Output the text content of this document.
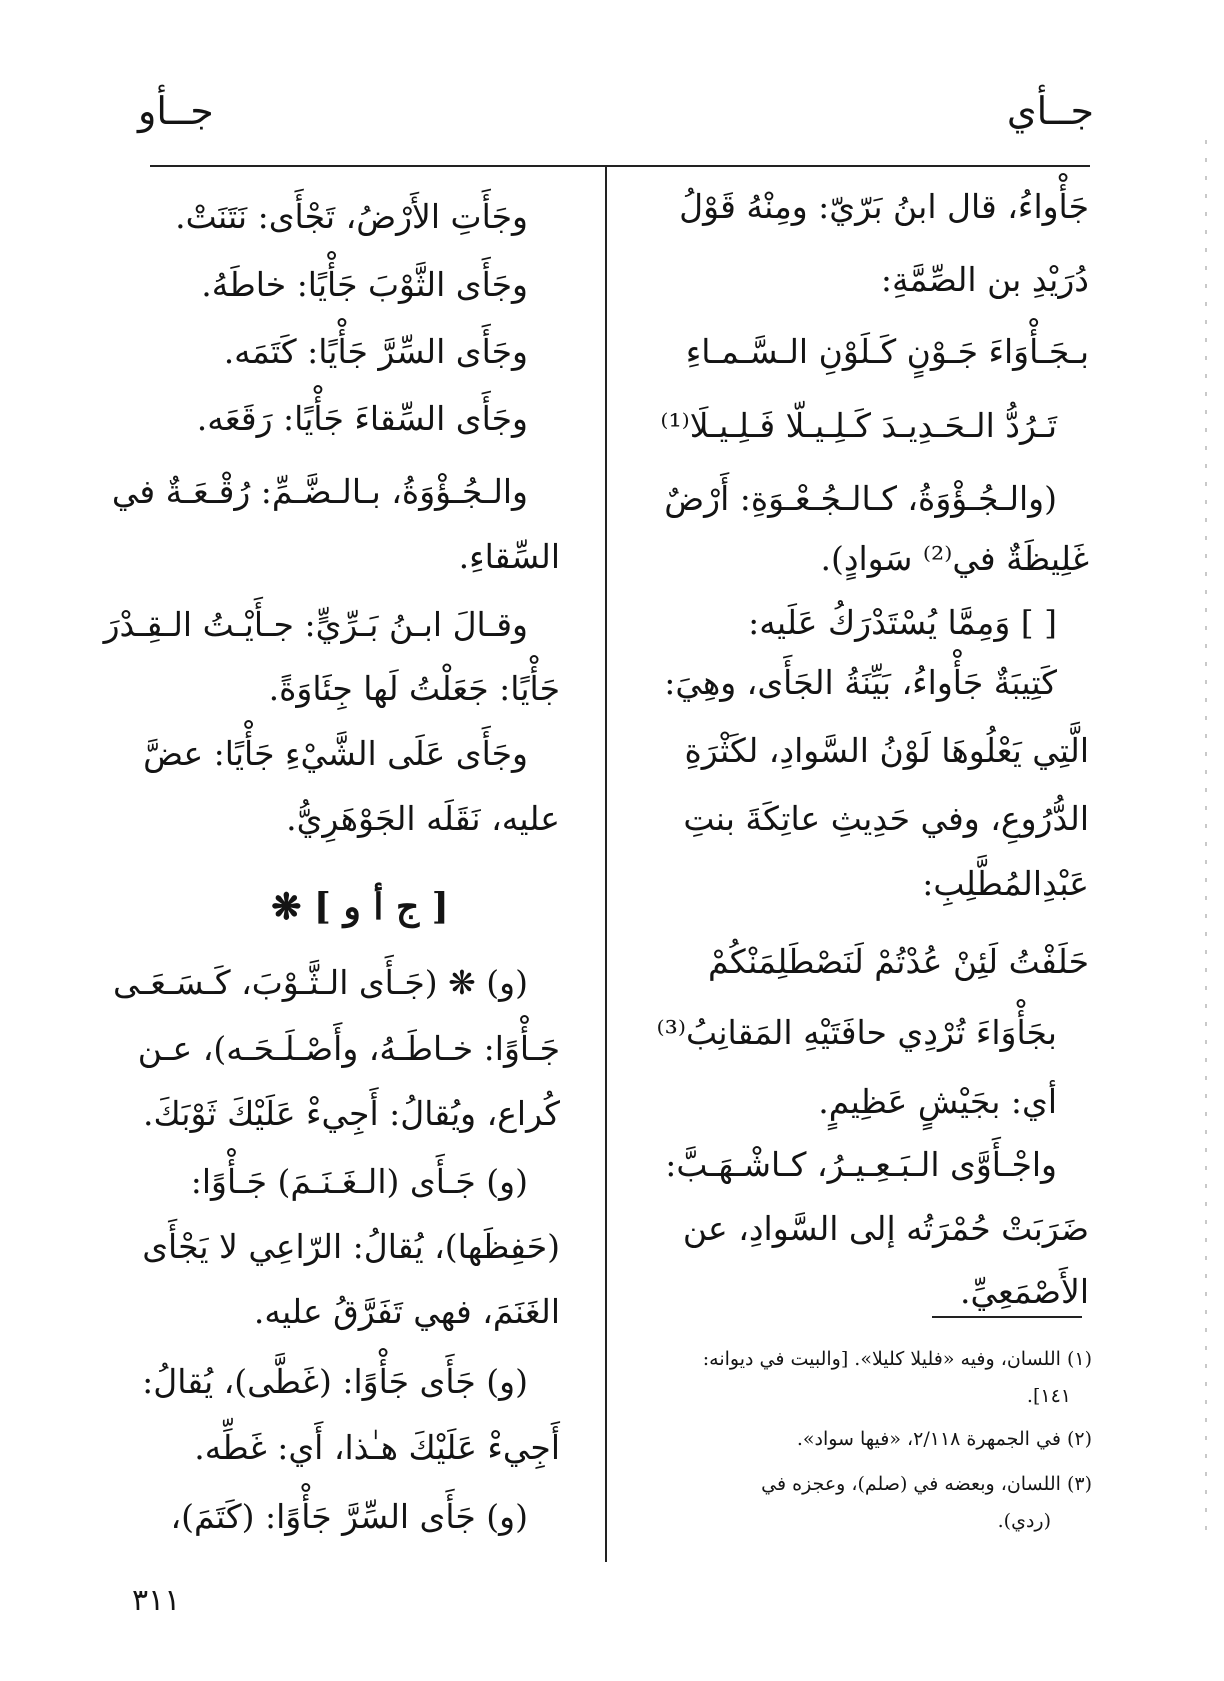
جــأي
جــأو
جَأْواءُ، قال ابنُ بَرّيّ: ومِنْهُ قَوْلُ
دُرَيْدِ بن الصِّمَّةِ:
بـجَـأْوَاءَ جَـوْنٍ كَـلَوْنِ الـسَّـمـاءِ
تَـرُدُّ الـحَـدِيـدَ كَـلِـيـلّا فَـلِـيـلَا⁽¹⁾
(والـجُـؤْوَةُ، كـالـجُـعْـوَةِ: أَرْضٌ
غَلِيظَةٌ في⁽²⁾ سَوادٍ).
[ ] وَمِمَّا يُسْتَدْرَكُ عَلَيه:
كَتِيبَةٌ جَأْواءُ، بَيِّنَةُ الجَأَى، وهِيَ:
الَّتِي يَعْلُوهَا لَوْنُ السَّوادِ، لكَثْرَةِ
الدُّرُوعِ، وفي حَدِيثِ عاتِكَةَ بنتِ
عَبْدِالمُطَّلِبِ:
حَلَفْتُ لَئِنْ عُدْتُمْ لَنَصْطَلِمَنْكُمْ
بجَأْوَاءَ تُرْدِي حافَتَيْهِ المَقانِبُ⁽³⁾
أي: بجَيْشٍ عَظِيمٍ.
واجْـأَوَّى الـبَـعِـيـرُ، كـاشْـهَـبَّ:
ضَرَبَتْ حُمْرَتُه إلى السَّوادِ، عن
الأَصْمَعِيِّ.
(١) اللسان، وفيه «فليلا كليلا». [والبيت في ديوانه:
١٤١].
(٢) في الجمهرة ٢/١١٨، «فيها سواد».
(٣) اللسان، وبعضه في (صلم)، وعجزه في
(ردي).
وجَأَتِ الأَرْضُ، تَجْأَى: نَتَنَتْ.
وجَأَى الثَّوْبَ جَأْيًا: خاطَهُ.
وجَأَى السِّرَّ جَأْيًا: كَتَمَه.
وجَأَى السِّقاءَ جَأْيًا: رَقَعَه.
والـجُـؤْوَةُ، بـالـضَّـمِّ: رُقْـعَـةٌ في
السِّقاءِ.
وقـالَ ابـنُ بَـرِّيٍّ: جـأَيْـتُ الـقِـدْرَ
جَأْيًا: جَعَلْتُ لَها جِئَاوَةً.
وجَأَى عَلَى الشَّيْءِ جَأْيًا: عضَّ
عليه، نَقَلَه الجَوْهَرِيُّ.
[ ج أ و ] ❋
(و) ❋ (جَـأَى الـثَّـوْبَ، كَـسَـعَـى
جَـأْوًا: خـاطَـهُ، وأَصْـلَـحَـه)، عـن
كُراع، ويُقالُ: أَجِيءْ عَلَيْكَ ثَوْبَكَ.
(و) جَـأَى (الـغَـنَـمَ) جَـأْوًا:
(حَفِظَها)، يُقالُ: الرّاعِي لا يَجْأَى
الغَنَمَ، فهي تَفَرَّقُ عليه.
(و) جَأَى جَأْوًا: (غَطَّى)، يُقالُ:
أَجِيءْ عَلَيْكَ هـٰذا، أَي: غَطِّه.
(و) جَأَى السِّرَّ جَأْوًا: (كَتَمَ)،
٣١١
